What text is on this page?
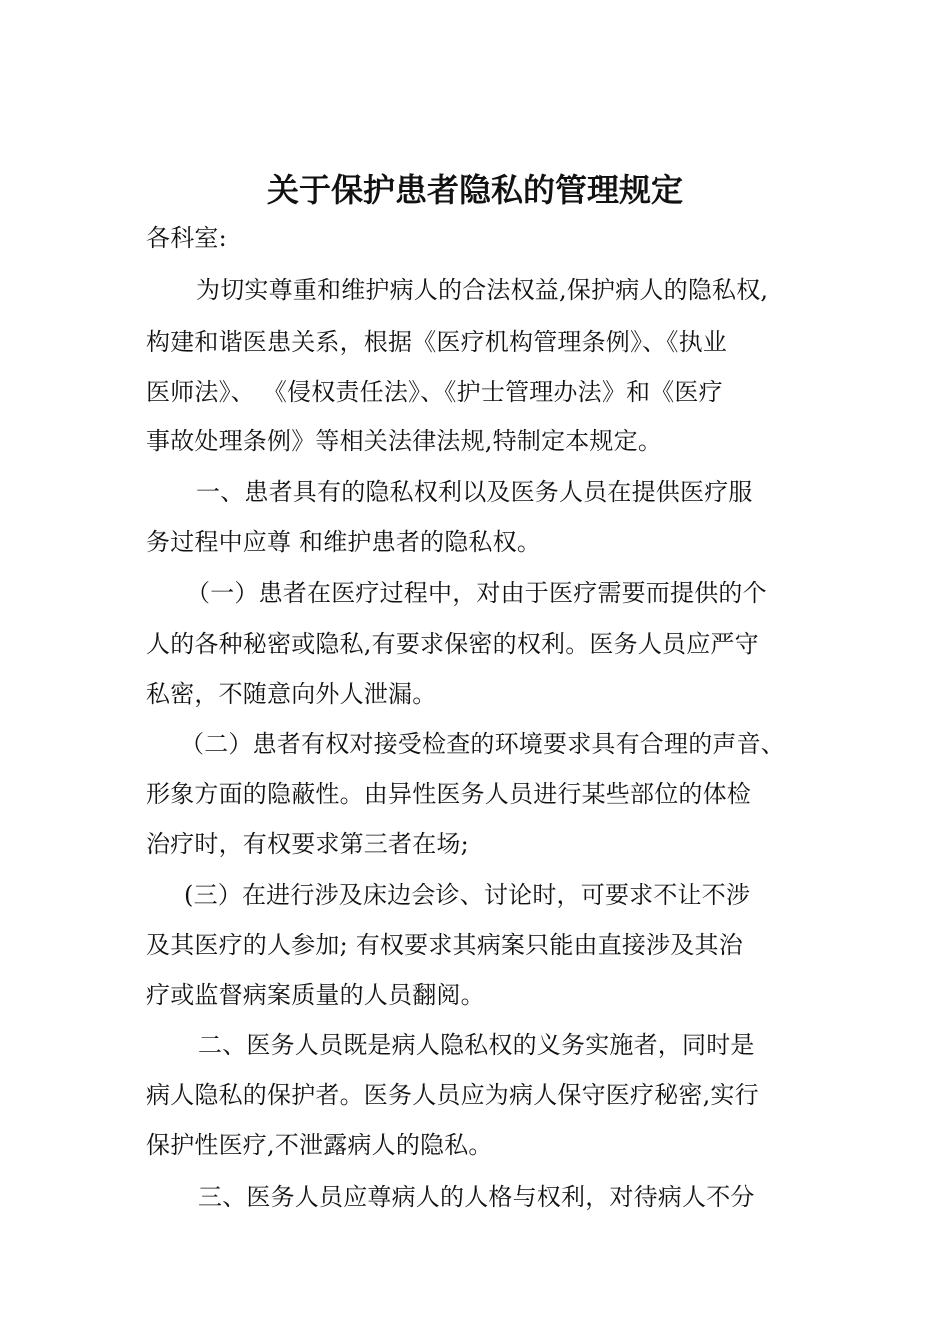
关于保护患者隐私的管理规定
各科室:
为切实尊重和维护病人的合法权益,保护病人的隐私权,
构建和谐医患关系，根据《医疗机构管理条例》、《执业
医师法》、 《侵权责任法》、《护士管理办法》和《医疗
事故处理条例》等相关法律法规,特制定本规定。
一、患者具有的隐私权利以及医务人员在提供医疗服
务过程中应尊 和维护患者的隐私权。
（一）患者在医疗过程中，对由于医疗需要而提供的个
人的各种秘密或隐私,有要求保密的权利。医务人员应严守
私密，不随意向外人泄漏。
（二）患者有权对接受检查的环境要求具有合理的声音、
形象方面的隐蔽性。由异性医务人员进行某些部位的体检
治疗时，有权要求第三者在场;
(三）在进行涉及床边会诊、讨论时，可要求不让不涉
及其医疗的人参加; 有权要求其病案只能由直接涉及其治
疗或监督病案质量的人员翻阅。
二、医务人员既是病人隐私权的义务实施者，同时是
病人隐私的保护者。医务人员应为病人保守医疗秘密,实行
保护性医疗,不泄露病人的隐私。
三、医务人员应尊病人的人格与权利，对待病人不分
